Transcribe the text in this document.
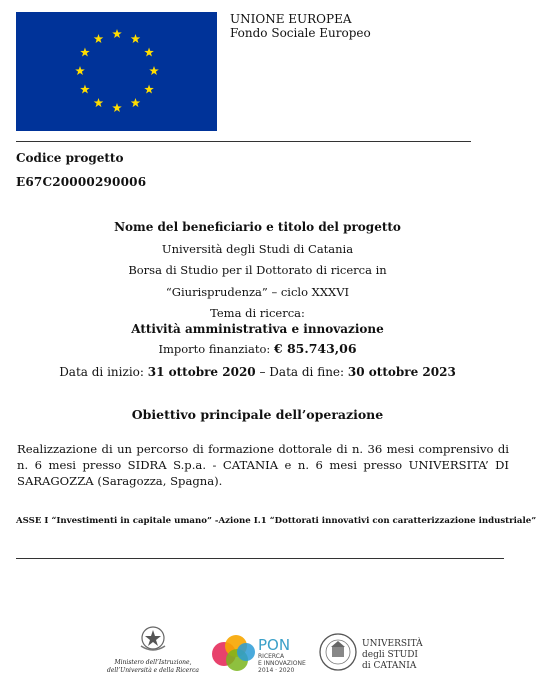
UNIONE EUROPEA
Fondo Sociale Europeo
Codice progetto
E67C20000290006
Nome del beneficiario e titolo del progetto
Università degli Studi di Catania
Borsa di Studio per il Dottorato di ricerca in
“Giurisprudenza” – ciclo XXXVI
Tema di ricerca:
Attività amministrativa e innovazione
Importo finanziato: € 85.743,06
Data di inizio: 31 ottobre 2020 – Data di fine: 30 ottobre 2023
Obiettivo principale dell’operazione
Realizzazione di un percorso di formazione dottorale di n. 36 mesi comprensivo di n. 6 mesi presso SIDRA S.p.a. - CATANIA e n. 6 mesi presso UNIVERSITA’ DI SARAGOZZA (Saragozza, Spagna).
ASSE I “Investimenti in capitale umano” -Azione I.1 “Dottorati innovativi con caratterizzazione industriale”
Ministero dell’Istruzione,
dell’Università e della Ricerca
PON
RICERCA
E INNOVAZIONE
2014 · 2020
UNIVERSITÀ
degli STUDI
di CATANIA
